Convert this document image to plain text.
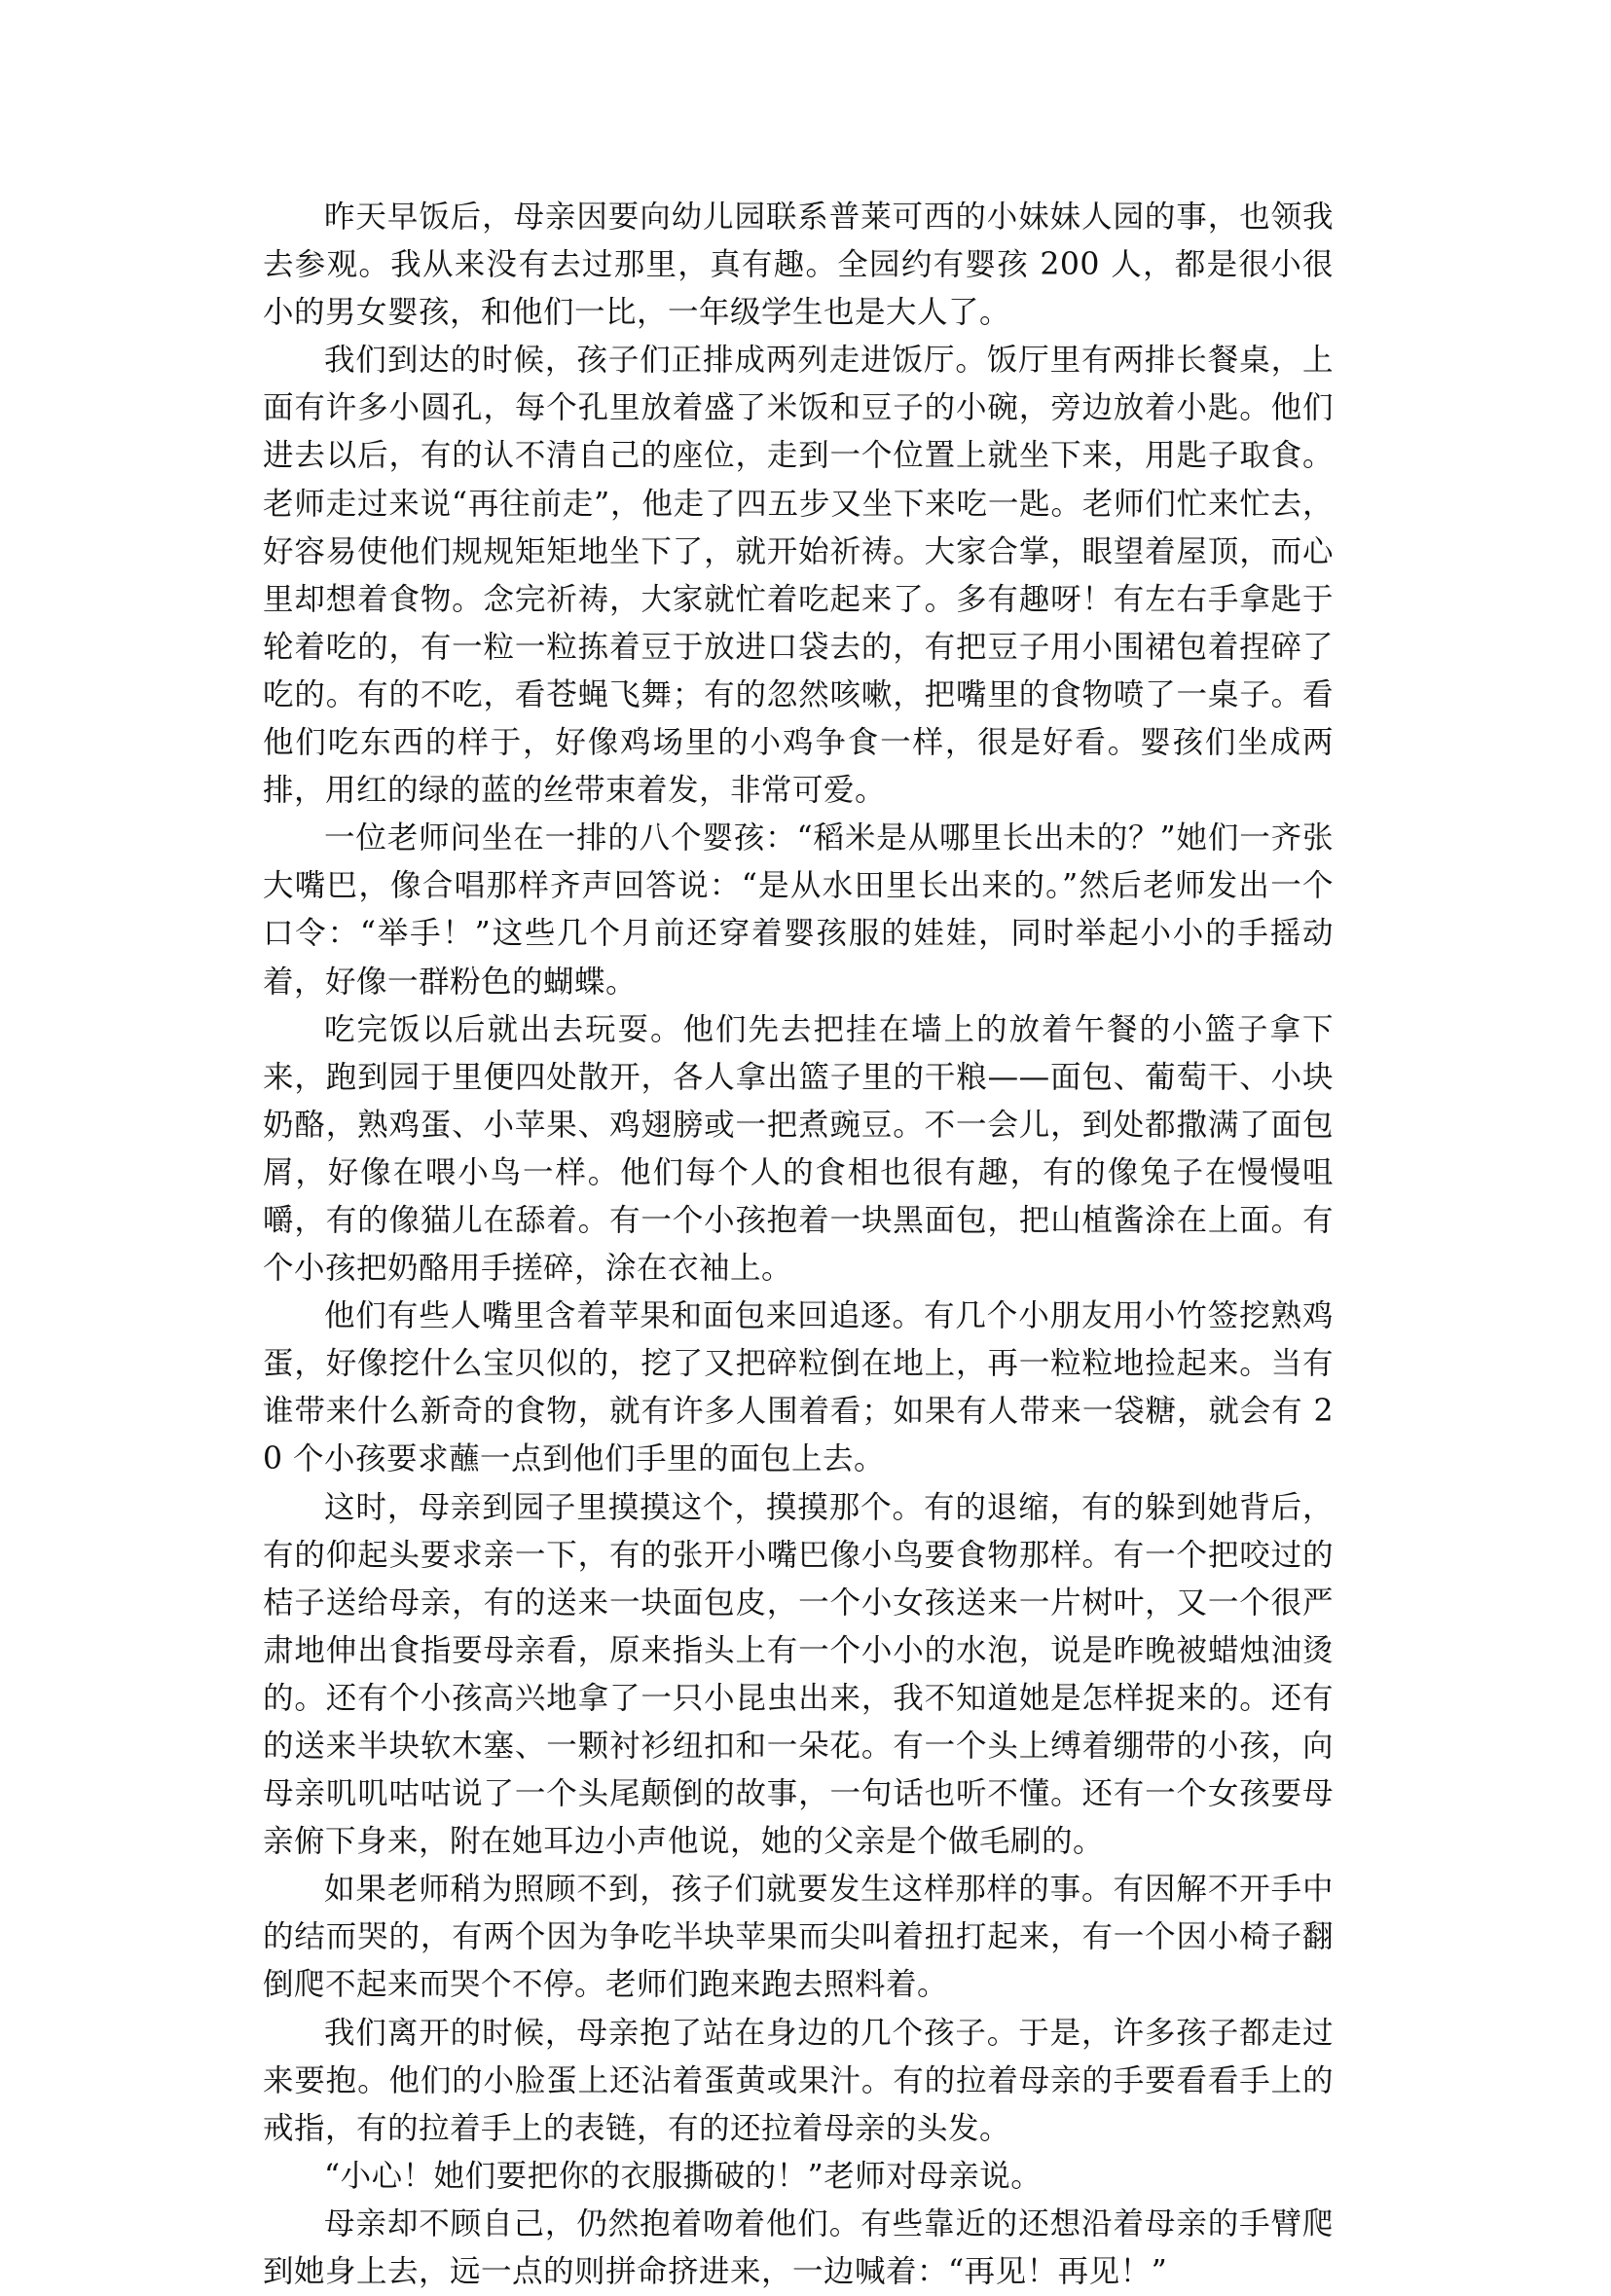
昨天早饭后，母亲因要向幼儿园联系普莱可西的小妹妹人园的事，也领我去参观。我从来没有去过那里，真有趣。全园约有婴孩 200 人，都是很小很小的男女婴孩，和他们一比，一年级学生也是大人了。

我们到达的时候，孩子们正排成两列走进饭厅。饭厅里有两排长餐桌，上面有许多小圆孔，每个孔里放着盛了米饭和豆子的小碗，旁边放着小匙。他们进去以后，有的认不清自己的座位，走到一个位置上就坐下来，用匙子取食。老师走过来说“再往前走”，他走了四五步又坐下来吃一匙。老师们忙来忙去，好容易使他们规规矩矩地坐下了，就开始祈祷。大家合掌，眼望着屋顶，而心里却想着食物。念完祈祷，大家就忙着吃起来了。多有趣呀！有左右手拿匙于轮着吃的，有一粒一粒拣着豆于放进口袋去的，有把豆子用小围裙包着捏碎了吃的。有的不吃，看苍蝇飞舞；有的忽然咳嗽，把嘴里的食物喷了一桌子。看他们吃东西的样于，好像鸡场里的小鸡争食一样，很是好看。婴孩们坐成两排，用红的绿的蓝的丝带束着发，非常可爱。

一位老师问坐在一排的八个婴孩：“稻米是从哪里长出未的？”她们一齐张大嘴巴，像合唱那样齐声回答说：“是从水田里长出来的。”然后老师发出一个口令：“举手！”这些几个月前还穿着婴孩服的娃娃，同时举起小小的手摇动着，好像一群粉色的蝴蝶。

吃完饭以后就出去玩耍。他们先去把挂在墙上的放着午餐的小篮子拿下来，跑到园于里便四处散开，各人拿出篮子里的干粮——面包、葡萄干、小块奶酪，熟鸡蛋、小苹果、鸡翅膀或一把煮豌豆。不一会儿，到处都撒满了面包屑，好像在喂小鸟一样。他们每个人的食相也很有趣，有的像兔子在慢慢咀嚼，有的像猫儿在舔着。有一个小孩抱着一块黑面包，把山植酱涂在上面。有个小孩把奶酪用手搓碎，涂在衣袖上。

他们有些人嘴里含着苹果和面包来回追逐。有几个小朋友用小竹签挖熟鸡蛋，好像挖什么宝贝似的，挖了又把碎粒倒在地上，再一粒粒地捡起来。当有谁带来什么新奇的食物，就有许多人围着看；如果有人带来一袋糖，就会有 20 个小孩要求蘸一点到他们手里的面包上去。

这时，母亲到园子里摸摸这个，摸摸那个。有的退缩，有的躲到她背后，有的仰起头要求亲一下，有的张开小嘴巴像小鸟要食物那样。有一个把咬过的桔子送给母亲，有的送来一块面包皮，一个小女孩送来一片树叶，又一个很严肃地伸出食指要母亲看，原来指头上有一个小小的水泡，说是昨晚被蜡烛油烫的。还有个小孩高兴地拿了一只小昆虫出来，我不知道她是怎样捉来的。还有的送来半块软木塞、一颗衬衫纽扣和一朵花。有一个头上缚着绷带的小孩，向母亲叽叽咕咕说了一个头尾颠倒的故事，一句话也听不懂。还有一个女孩要母亲俯下身来，附在她耳边小声他说，她的父亲是个做毛刷的。

如果老师稍为照顾不到，孩子们就要发生这样那样的事。有因解不开手中的结而哭的，有两个因为争吃半块苹果而尖叫着扭打起来，有一个因小椅子翻倒爬不起来而哭个不停。老师们跑来跑去照料着。

我们离开的时候，母亲抱了站在身边的几个孩子。于是，许多孩子都走过来要抱。他们的小脸蛋上还沾着蛋黄或果汁。有的拉着母亲的手要看看手上的戒指，有的拉着手上的表链，有的还拉着母亲的头发。

“小心！她们要把你的衣服撕破的！”老师对母亲说。

母亲却不顾自己，仍然抱着吻着他们。有些靠近的还想沿着母亲的手臂爬到她身上去，远一点的则拼命挤进来，一边喊着：“再见！再见！”
